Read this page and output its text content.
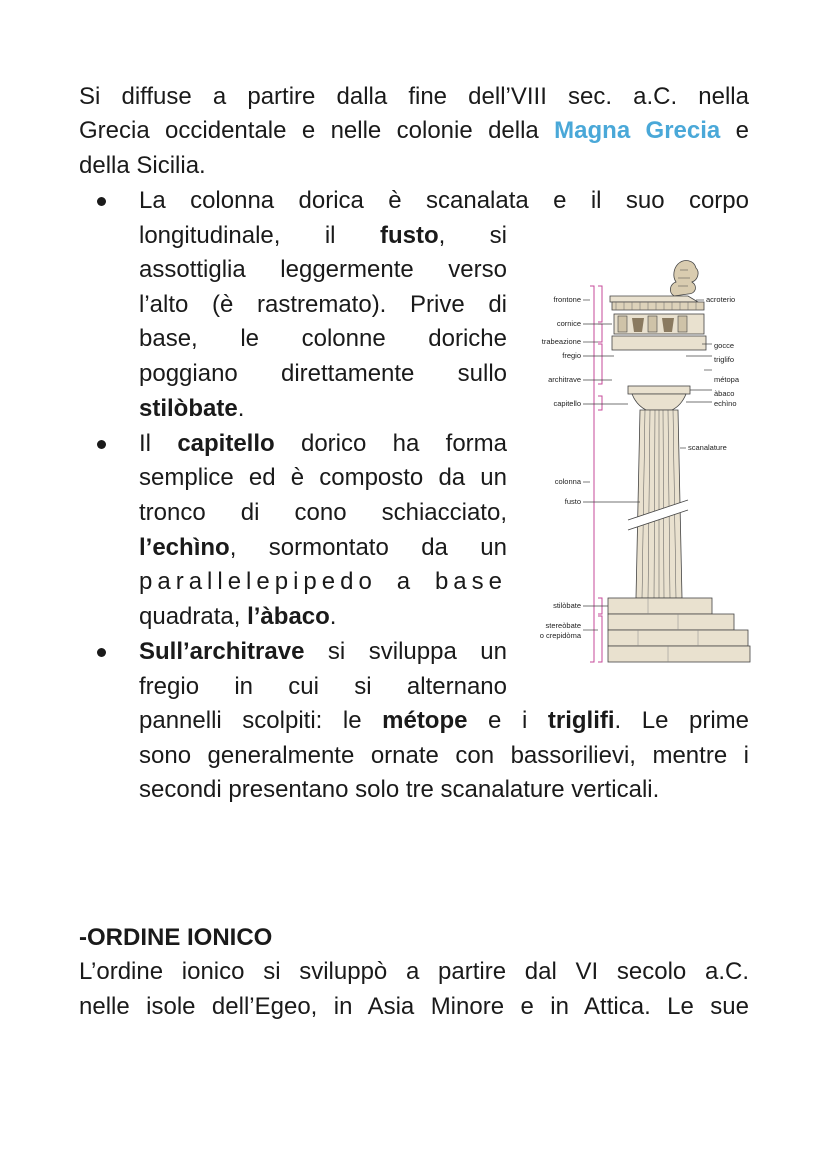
Si diffuse a partire dalla fine dell’VIII sec. a.C. nella
Grecia occidentale e nelle colonie della Magna Grecia e
della Sicilia.
La colonna dorica è scanalata e il suo corpo
longitudinale, il fusto, si
assottiglia leggermente verso
l’alto (è rastremato). Prive di
base, le colonne doriche
poggiano direttamente sullo
stilòbate.
Il capitello dorico ha forma
semplice ed è composto da un
tronco di cono schiacciato,
l’echìno, sormontato da un
parallelepipedo a base
quadrata, l’àbaco.
Sull’architrave si sviluppa un
fregio in cui si alternano
pannelli scolpiti: le métope e i triglifi. Le prime
sono generalmente ornate con bassorilievi, mentre i
secondi presentano solo tre scanalature verticali.
-ORDINE IONICO
L’ordine ionico si sviluppò a partire dal VI secolo a.C.
nelle isole dell’Egeo, in Asia Minore e in Attica. Le sue
frontone
cornice
trabeazione
fregio
architrave
capitello
colonna
fusto
stilòbate
stereòbate
o crepidòma
acroterio
gocce
triglifo
métopa
àbaco
echìno
scanalature
